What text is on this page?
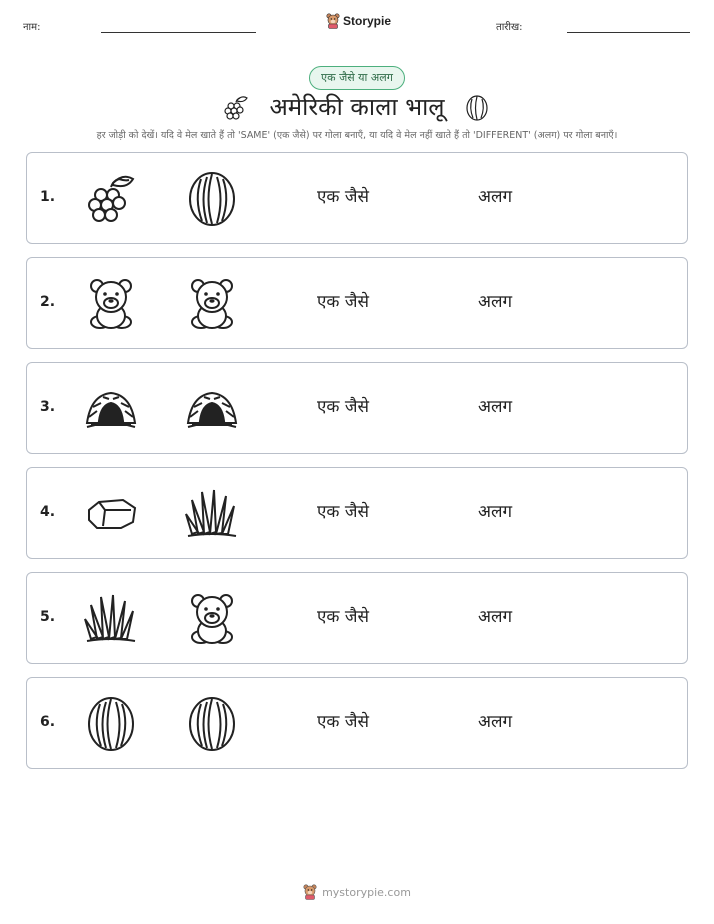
नाम:	Storypie	तारीख:
एक जैसे या अलग
अमेरिकी काला भालू
हर जोड़ी को देखें। यदि वे मेल खाते हैं तो 'SAME' (एक जैसे) पर गोला बनाएँ, या यदि वे मेल नहीं खाते हैं तो 'DIFFERENT' (अलग) पर गोला बनाएँ।
1.	एक जैसे	अलग
2.	एक जैसे	अलग
3.	एक जैसे	अलग
4.	एक जैसे	अलग
5.	एक जैसे	अलग
6.	एक जैसे	अलग
mystorypie.com
